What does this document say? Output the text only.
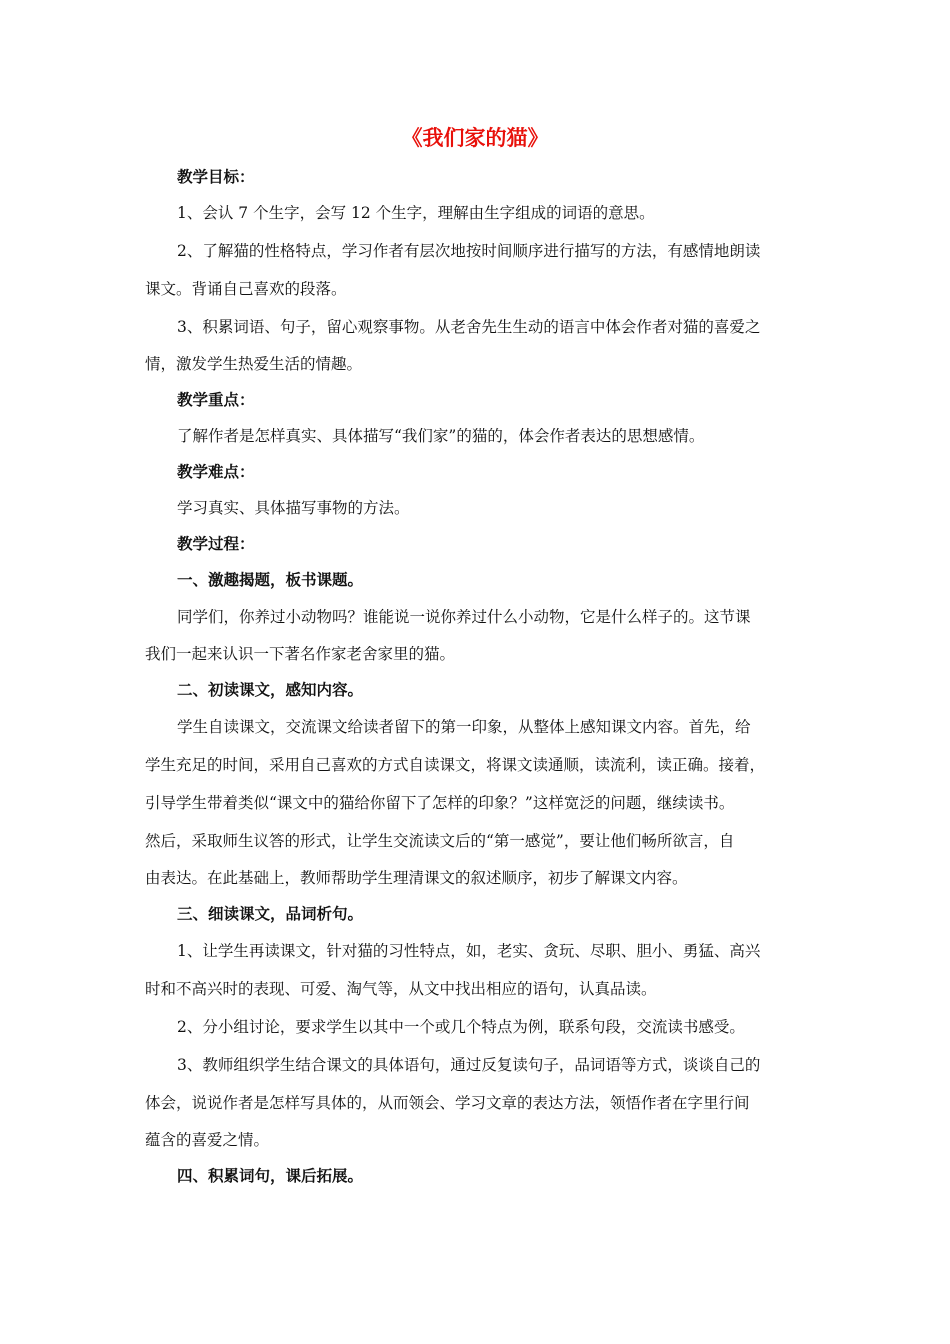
《我们家的猫》

教学目标：

1、会认 7 个生字，会写 12 个生字，理解由生字组成的词语的意思。

2、了解猫的性格特点，学习作者有层次地按时间顺序进行描写的方法，有感情地朗读

课文。背诵自己喜欢的段落。

3、积累词语、句子，留心观察事物。从老舍先生生动的语言中体会作者对猫的喜爱之

情，激发学生热爱生活的情趣。

教学重点：

了解作者是怎样真实、具体描写“我们家”的猫的，体会作者表达的思想感情。

教学难点：

学习真实、具体描写事物的方法。

教学过程：

一、激趣揭题，板书课题。

同学们，你养过小动物吗？谁能说一说你养过什么小动物，它是什么样子的。这节课

我们一起来认识一下著名作家老舍家里的猫。

二、初读课文，感知内容。

学生自读课文，交流课文给读者留下的第一印象，从整体上感知课文内容。首先，给

学生充足的时间，采用自己喜欢的方式自读课文，将课文读通顺，读流利，读正确。接着，

引导学生带着类似“课文中的猫给你留下了怎样的印象？”这样宽泛的问题，继续读书。

然后，采取师生议答的形式，让学生交流读文后的“第一感觉”，要让他们畅所欲言，自

由表达。在此基础上，教师帮助学生理清课文的叙述顺序，初步了解课文内容。

三、细读课文，品词析句。

1、让学生再读课文，针对猫的习性特点，如，老实、贪玩、尽职、胆小、勇猛、高兴

时和不高兴时的表现、可爱、淘气等，从文中找出相应的语句，认真品读。

2、分小组讨论，要求学生以其中一个或几个特点为例，联系句段，交流读书感受。

3、教师组织学生结合课文的具体语句，通过反复读句子，品词语等方式，谈谈自己的

体会，说说作者是怎样写具体的，从而领会、学习文章的表达方法，领悟作者在字里行间

蕴含的喜爱之情。

四、积累词句，课后拓展。
